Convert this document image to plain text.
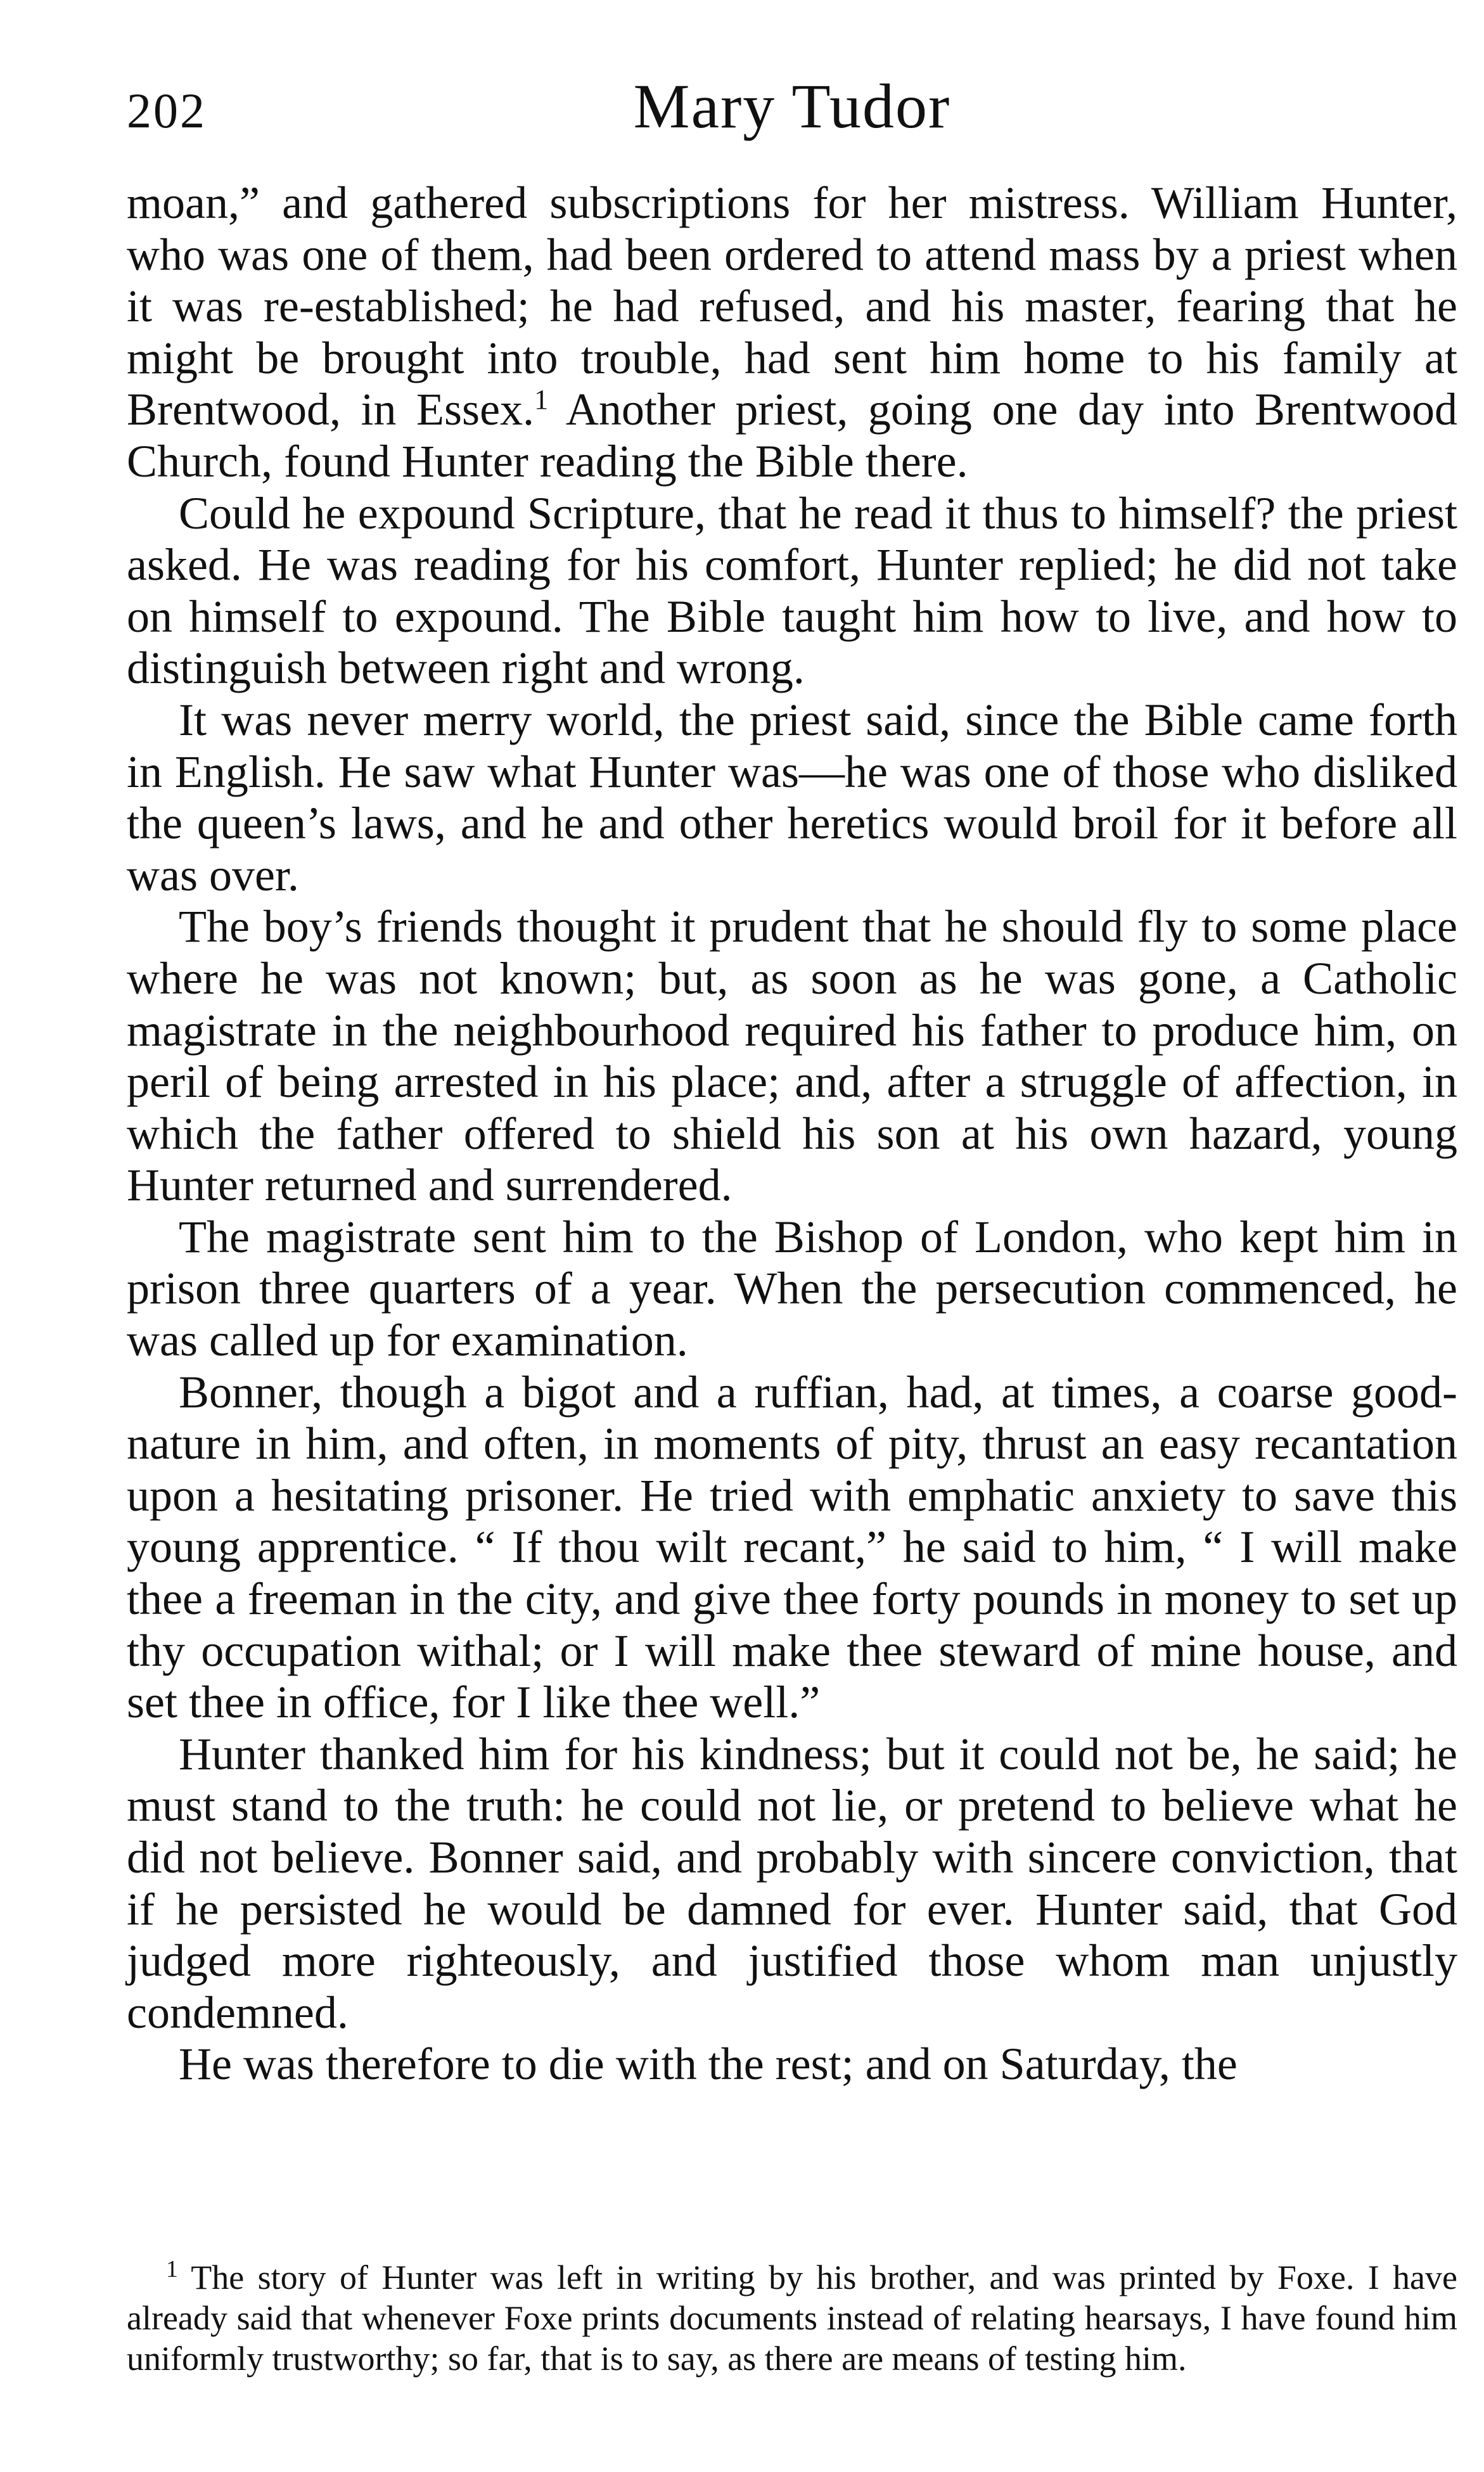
202	Mary Tudor

moan,” and gathered subscriptions for her mistress. William Hunter, who was one of them, had been ordered to attend mass by a priest when it was re-established; he had refused, and his master, fearing that he might be brought into trouble, had sent him home to his family at Brentwood, in Essex.$^1$ Another priest, going one day into Brentwood Church, found Hunter reading the Bible there.

Could he expound Scripture, that he read it thus to himself? the priest asked. He was reading for his comfort, Hunter replied; he did not take on himself to expound. The Bible taught him how to live, and how to distinguish between right and wrong.

It was never merry world, the priest said, since the Bible came forth in English. He saw what Hunter was—he was one of those who disliked the queen’s laws, and he and other heretics would broil for it before all was over.

The boy’s friends thought it prudent that he should fly to some place where he was not known; but, as soon as he was gone, a Catholic magistrate in the neighbourhood required his father to produce him, on peril of being arrested in his place; and, after a struggle of affection, in which the father offered to shield his son at his own hazard, young Hunter returned and surrendered.

The magistrate sent him to the Bishop of London, who kept him in prison three quarters of a year. When the persecution commenced, he was called up for examination.

Bonner, though a bigot and a ruffian, had, at times, a coarse good-nature in him, and often, in moments of pity, thrust an easy recantation upon a hesitating prisoner. He tried with emphatic anxiety to save this young apprentice. “ If thou wilt recant,” he said to him, “ I will make thee a freeman in the city, and give thee forty pounds in money to set up thy occupation withal; or I will make thee steward of mine house, and set thee in office, for I like thee well.”

Hunter thanked him for his kindness; but it could not be, he said; he must stand to the truth: he could not lie, or pretend to believe what he did not believe. Bonner said, and probably with sincere conviction, that if he persisted he would be damned for ever. Hunter said, that God judged more righteously, and justified those whom man unjustly condemned.

He was therefore to die with the rest; and on Saturday, the

$^1$ The story of Hunter was left in writing by his brother, and was printed by Foxe. I have already said that whenever Foxe prints documents instead of relating hearsays, I have found him uniformly trustworthy; so far, that is to say, as there are means of testing him.
